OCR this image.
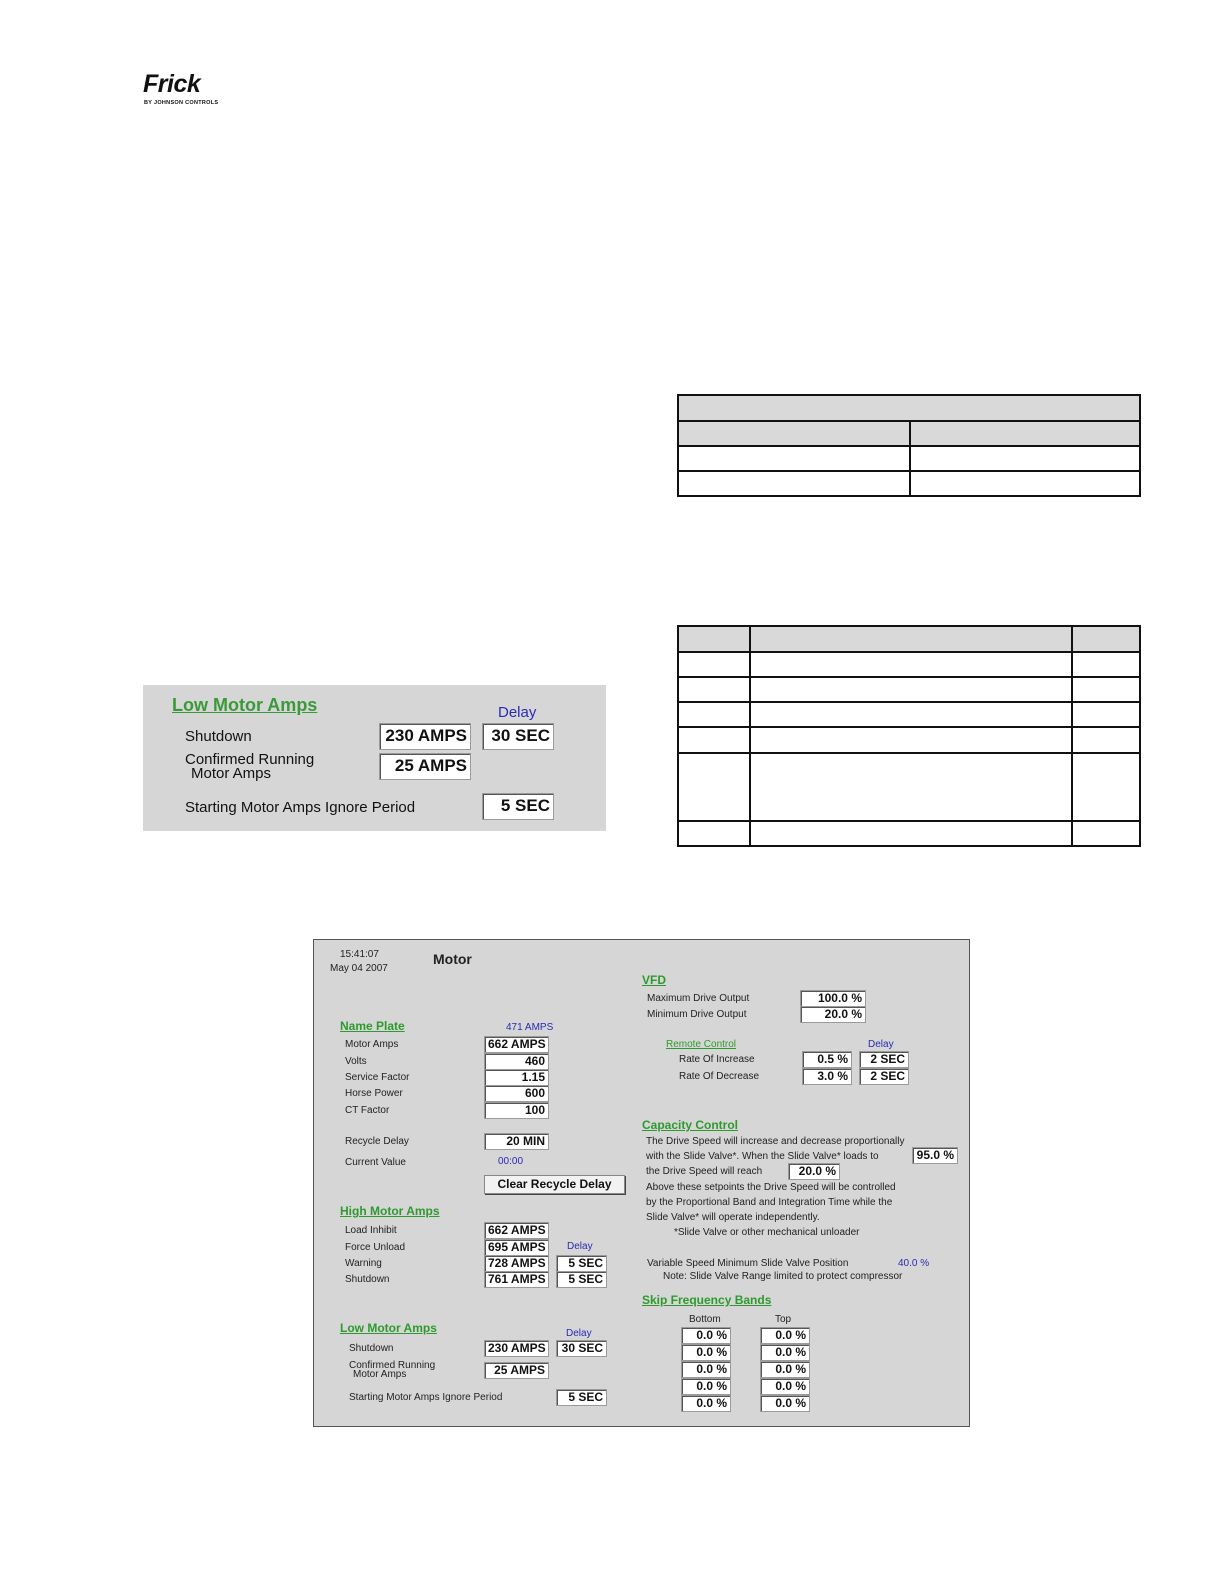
Frick
BY JOHNSON CONTROLS

Low Motor Amps	Delay
Shutdown	230 AMPS	30 SEC
Confirmed Running
Motor Amps	25 AMPS
Starting Motor Amps Ignore Period	5 SEC
15:41:07
May 04 2007
Motor
Name Plate	471 AMPS
Motor Amps	662 AMPS
Volts	460
Service Factor	1.15
Horse Power	600
CT Factor	100
Recycle Delay	20 MIN
Current Value	00:00
Clear Recycle Delay
High Motor Amps
Load Inhibit	662 AMPS
Force Unload	695 AMPS	Delay
Warning	728 AMPS	5 SEC
Shutdown	761 AMPS	5 SEC
Low Motor Amps	Delay
Shutdown	230 AMPS	30 SEC
Confirmed Running
Motor Amps	25 AMPS
Starting Motor Amps Ignore Period	5 SEC
VFD
Maximum Drive Output	100.0 %
Minimum Drive Output	20.0 %
Remote Control	Delay
Rate Of Increase	0.5 %	2 SEC
Rate Of Decrease	3.0 %	2 SEC
Capacity Control
The Drive Speed will increase and decrease proportionally
with the Slide Valve*. When the Slide Valve* loads to	95.0 %
the Drive Speed will reach	20.0 %
Above these setpoints the Drive Speed will be controlled
by the Proportional Band and Integration Time while the
Slide Valve* will operate independently.
*Slide Valve or other mechanical unloader
Variable Speed Minimum Slide Valve Position	40.0 %
Note: Slide Valve Range limited to protect compressor
Skip Frequency Bands
Bottom	Top
0.0 %	0.0 %
0.0 %	0.0 %
0.0 %	0.0 %
0.0 %	0.0 %
0.0 %	0.0 %
